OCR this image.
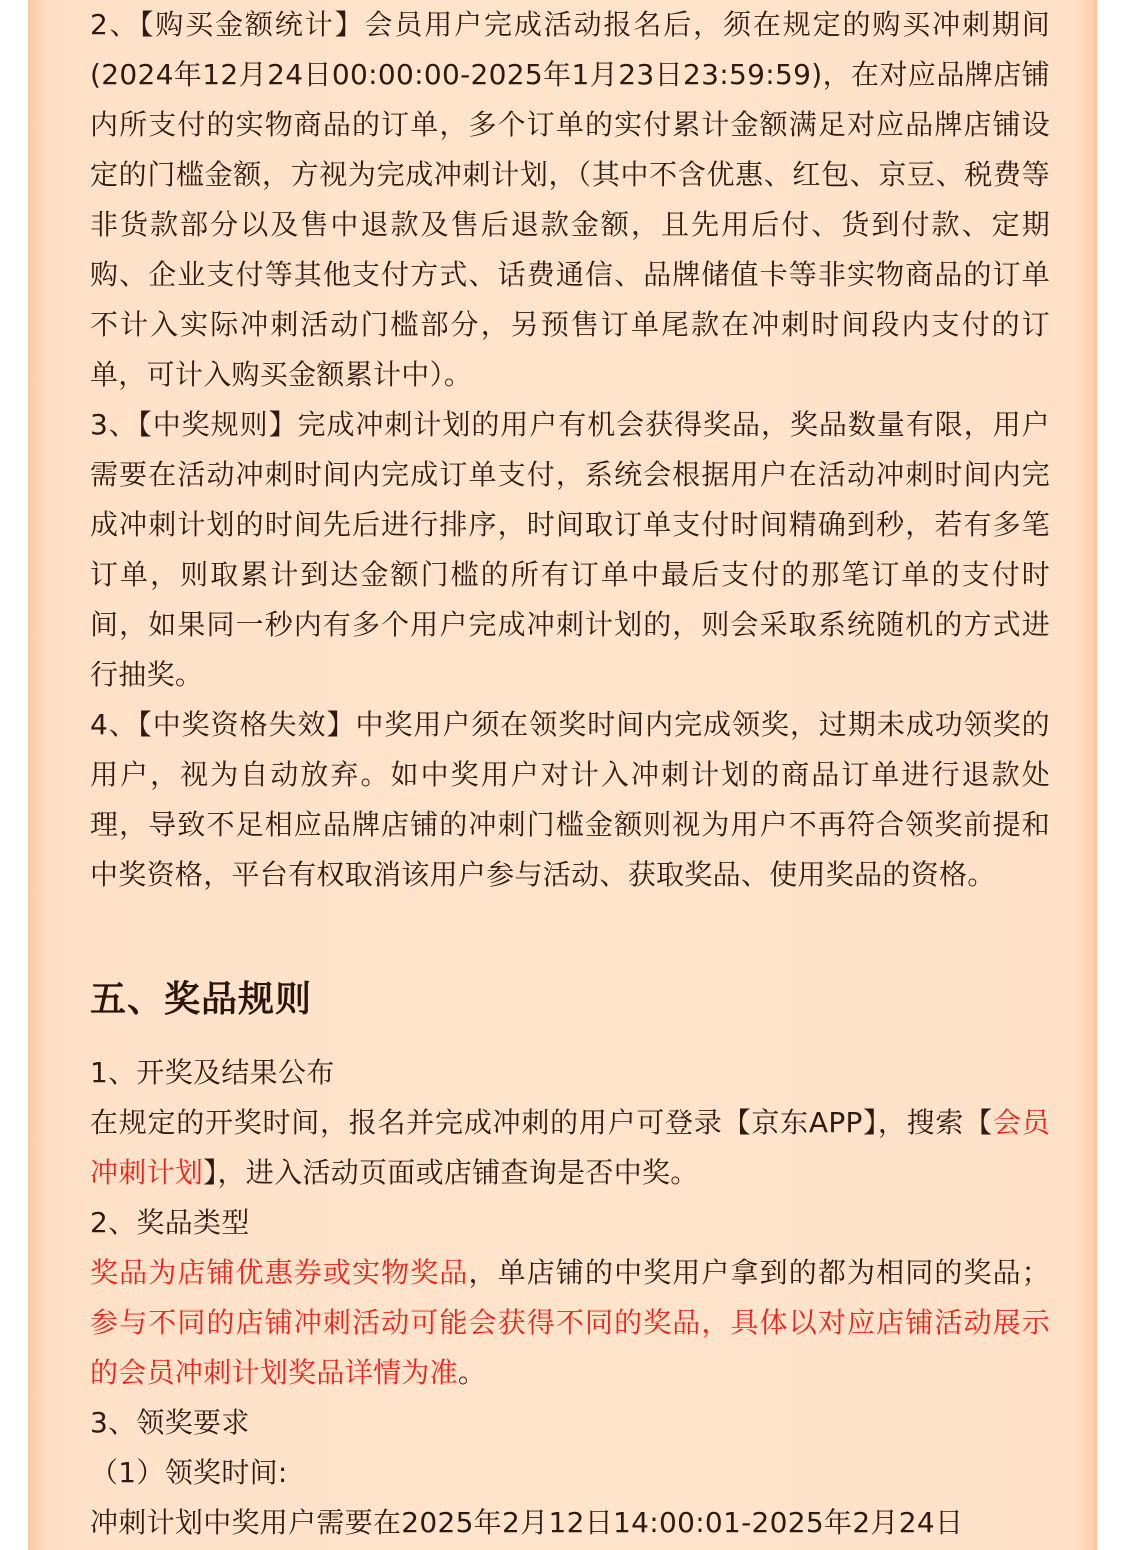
2、【购买金额统计】会员用户完成活动报名后，须在规定的购买冲刺期间(2024年12月24日00:00:00-2025年1月23日23:59:59)，在对应品牌店铺内所支付的实物商品的订单，多个订单的实付累计金额满足对应品牌店铺设定的门槛金额，方视为完成冲刺计划，（其中不含优惠、红包、京豆、税费等非货款部分以及售中退款及售后退款金额，且先用后付、货到付款、定期购、企业支付等其他支付方式、话费通信、品牌储值卡等非实物商品的订单不计入实际冲刺活动门槛部分，另预售订单尾款在冲刺时间段内支付的订单，可计入购买金额累计中）。

3、【中奖规则】完成冲刺计划的用户有机会获得奖品，奖品数量有限，用户需要在活动冲刺时间内完成订单支付，系统会根据用户在活动冲刺时间内完成冲刺计划的时间先后进行排序，时间取订单支付时间精确到秒，若有多笔订单，则取累计到达金额门槛的所有订单中最后支付的那笔订单的支付时间，如果同一秒内有多个用户完成冲刺计划的，则会采取系统随机的方式进行抽奖。

4、【中奖资格失效】中奖用户须在领奖时间内完成领奖，过期未成功领奖的用户，视为自动放弃。如中奖用户对计入冲刺计划的商品订单进行退款处理，导致不足相应品牌店铺的冲刺门槛金额则视为用户不再符合领奖前提和中奖资格，平台有权取消该用户参与活动、获取奖品、使用奖品的资格。

五、奖品规则

1、开奖及结果公布

在规定的开奖时间，报名并完成冲刺的用户可登录【京东APP】，搜索【会员冲刺计划】，进入活动页面或店铺查询是否中奖。

2、奖品类型

奖品为店铺优惠券或实物奖品，单店铺的中奖用户拿到的都为相同的奖品；参与不同的店铺冲刺活动可能会获得不同的奖品，具体以对应店铺活动展示的会员冲刺计划奖品详情为准。

3、领奖要求

（1）领奖时间:

冲刺计划中奖用户需要在2025年2月12日14:00:01-2025年2月24日
